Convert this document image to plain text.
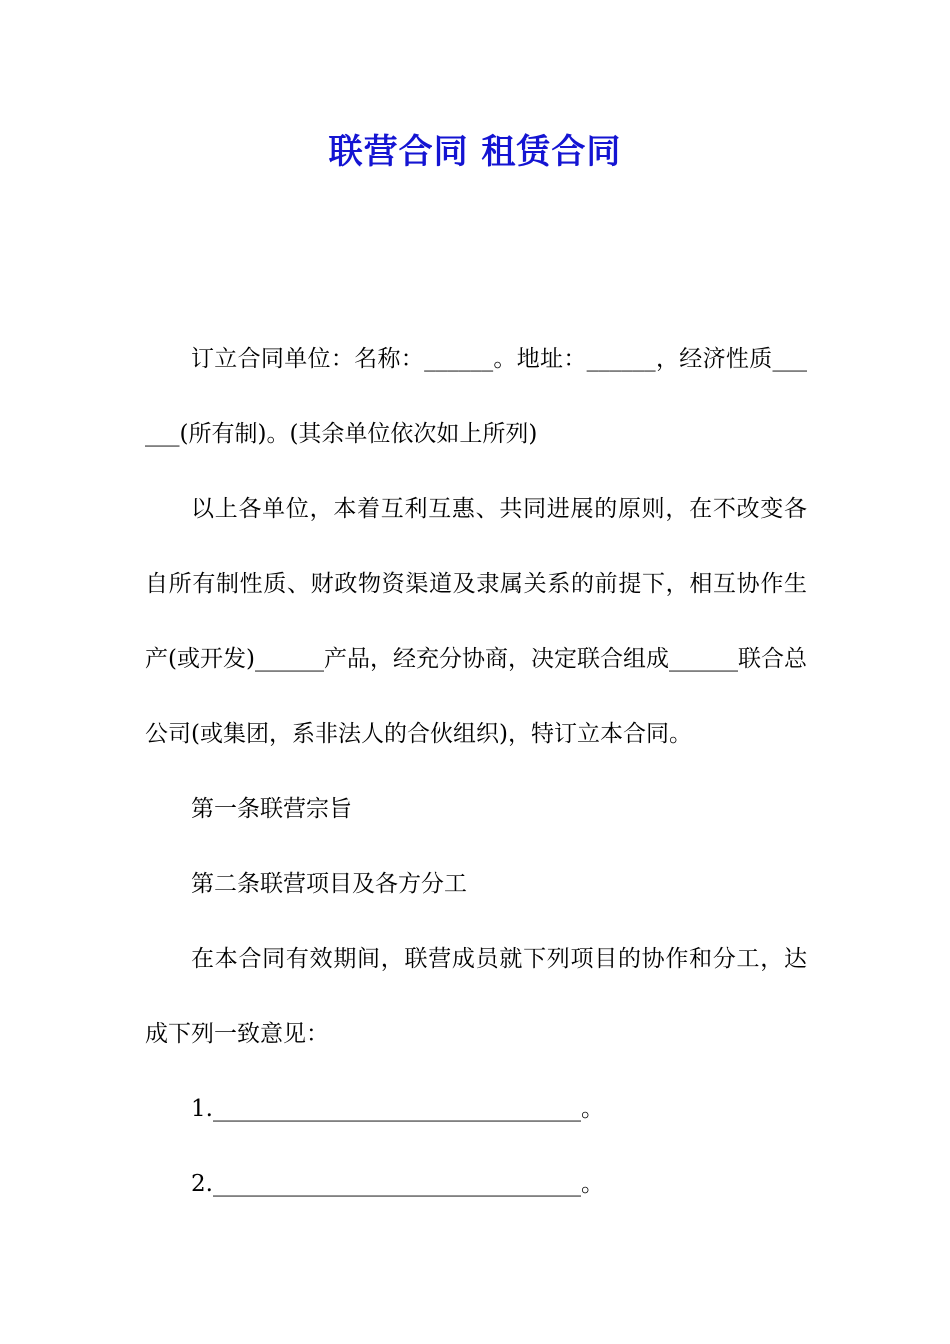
联营合同 租赁合同

订立合同单位：名称：______。地址：______，经济性质______(所有制)。(其余单位依次如上所列)

以上各单位，本着互利互惠、共同进展的原则，在不改变各自所有制性质、财政物资渠道及隶属关系的前提下，相互协作生产(或开发)______产品，经充分协商，决定联合组成______联合总公司(或集团，系非法人的合伙组织)，特订立本合同。

第一条联营宗旨

第二条联营项目及各方分工

在本合同有效期间，联营成员就下列项目的协作和分工，达成下列一致意见：

1.________________________________。

2.________________________________。
